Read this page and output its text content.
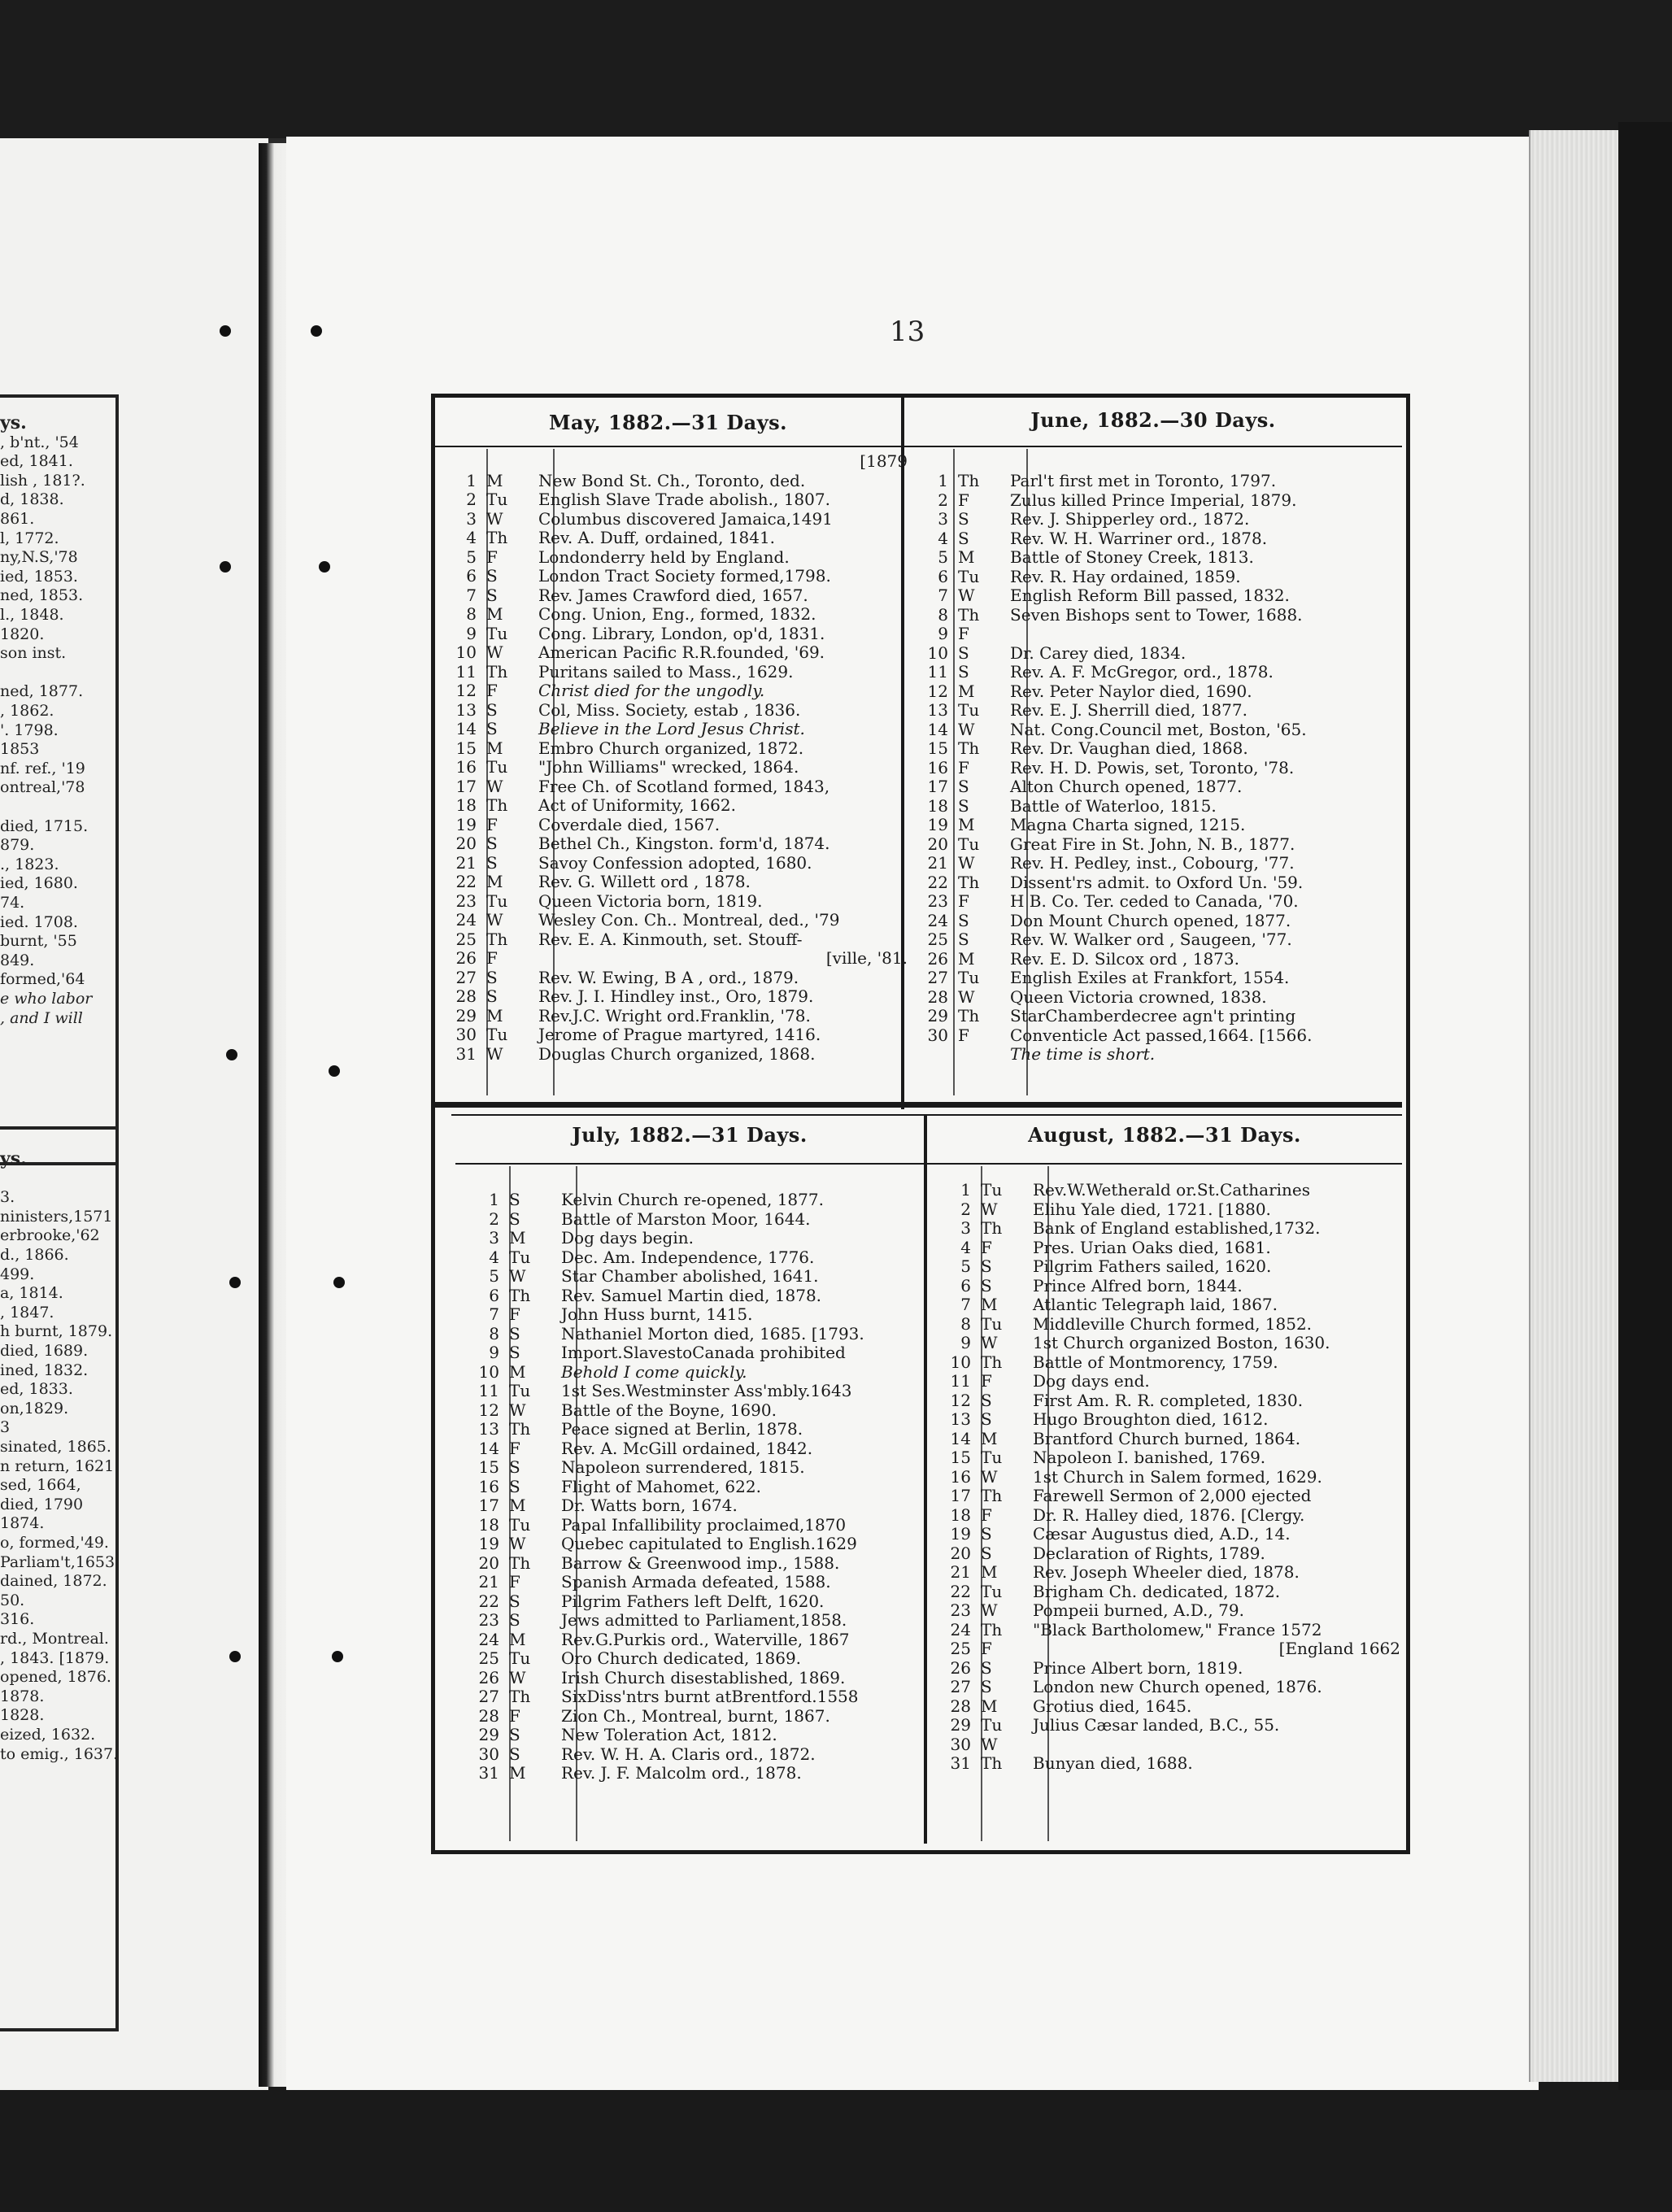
ys.
, b'nt., '54
ed, 1841.
lish , 181?.
d, 1838.
861.
l, 1772.
ny,N.S,'78
ied, 1853.
ned, 1853.
l., 1848.
1820.
son inst.
ned, 1877.
, 1862.
'. 1798.
1853
nf. ref., '19
ontreal,'78
died, 1715.
879.
., 1823.
ied, 1680.
74.
ied. 1708.
burnt, '55
849.
formed,'64
e who labor
, and I will
ys.
3.
ninisters,1571
erbrooke,'62
d., 1866.
499.
a, 1814.
, 1847.
h burnt, 1879.
died, 1689.
ined, 1832.
ed, 1833.
on,1829.
3
sinated, 1865.
n return, 1621
sed, 1664,
died, 1790
1874.
o, formed,'49.
Parliam't,1653
dained, 1872.
50.
316.
rd., Montreal.
, 1843. [1879.
opened, 1876.
1878.
1828.
eized, 1632.
to emig., 1637.
13
May, 1882.—31 Days.	June, 1882.—30 Days.
July, 1882.—31 Days.	August, 1882.—31 Days.
[1879
1 M	New Bond St. Ch., Toronto, ded.
2 Tu	English Slave Trade abolish., 1807.
3 W	Columbus discovered Jamaica,1491
4 Th	Rev. A. Duff, ordained, 1841.
5 F	Londonderry held by England.
6 S	London Tract Society formed,1798.
7 S	Rev. James Crawford died, 1657.
8 M	Cong. Union, Eng., formed, 1832.
9 Tu	Cong. Library, London, op'd, 1831.
10 W	American Pacific R.R.founded, '69.
11 Th	Puritans sailed to Mass., 1629.
12 F	Christ died for the ungodly.
13 S	Col, Miss. Society, estab , 1836.
14 S	Believe in the Lord Jesus Christ.
15 M	Embro Church organized, 1872.
16 Tu	"John Williams" wrecked, 1864.
17 W	Free Ch. of Scotland formed, 1843,
18 Th	Act of Uniformity, 1662.
19 F	Coverdale died, 1567.
20 S	Bethel Ch., Kingston. form'd, 1874.
21 S	Savoy Confession adopted, 1680.
22 M	Rev. G. Willett ord , 1878.
23 Tu	Queen Victoria born, 1819.
24 W	Wesley Con. Ch.. Montreal, ded., '79
25 Th	Rev. E. A. Kinmouth, set. Stouff-
26 F	[ville, '81.
27 S	Rev. W. Ewing, B A , ord., 1879.
28 S	Rev. J. I. Hindley inst., Oro, 1879.
29 M	Rev.J.C. Wright ord.Franklin, '78.
30 Tu	Jerome of Prague martyred, 1416.
31 W	Douglas Church organized, 1868.
1 Th	Parl't first met in Toronto, 1797.
2 F	Zulus killed Prince Imperial, 1879.
3 S	Rev. J. Shipperley ord., 1872.
4 S	Rev. W. H. Warriner ord., 1878.
5 M	Battle of Stoney Creek, 1813.
6 Tu	Rev. R. Hay ordained, 1859.
7 W	English Reform Bill passed, 1832.
8 Th	Seven Bishops sent to Tower, 1688.
9 F
10 S	Dr. Carey died, 1834.
11 S	Rev. A. F. McGregor, ord., 1878.
12 M	Rev. Peter Naylor died, 1690.
13 Tu	Rev. E. J. Sherrill died, 1877.
14 W	Nat. Cong.Council met, Boston, '65.
15 Th	Rev. Dr. Vaughan died, 1868.
16 F	Rev. H. D. Powis, set, Toronto, '78.
17 S	Alton Church opened, 1877.
18 S	Battle of Waterloo, 1815.
19 M	Magna Charta signed, 1215.
20 Tu	Great Fire in St. John, N. B., 1877.
21 W	Rev. H. Pedley, inst., Cobourg, '77.
22 Th	Dissent'rs admit. to Oxford Un. '59.
23 F	H B. Co. Ter. ceded to Canada, '70.
24 S	Don Mount Church opened, 1877.
25 S	Rev. W. Walker ord , Saugeen, '77.
26 M	Rev. E. D. Silcox ord , 1873.
27 Tu	English Exiles at Frankfort, 1554.
28 W	Queen Victoria crowned, 1838.
29 Th	StarChamberdecree agn't printing
30 F	Conventicle Act passed,1664. [1566.
The time is short.
1 S	Kelvin Church re-opened, 1877.
2 S	Battle of Marston Moor, 1644.
3 M	Dog days begin.
4 Tu	Dec. Am. Independence, 1776.
5 W	Star Chamber abolished, 1641.
6 Th	Rev. Samuel Martin died, 1878.
7 F	John Huss burnt, 1415.
8 S	Nathaniel Morton died, 1685. [1793.
9 S	Import.SlavestoCanada prohibited
10 M	Behold I come quickly.
11 Tu	1st Ses.Westminster Ass'mbly.1643
12 W	Battle of the Boyne, 1690.
13 Th	Peace signed at Berlin, 1878.
14 F	Rev. A. McGill ordained, 1842.
15 S	Napoleon surrendered, 1815.
16 S	Flight of Mahomet, 622.
17 M	Dr. Watts born, 1674.
18 Tu	Papal Infallibility proclaimed,1870
19 W	Quebec capitulated to English.1629
20 Th	Barrow & Greenwood imp., 1588.
21 F	Spanish Armada defeated, 1588.
22 S	Pilgrim Fathers left Delft, 1620.
23 S	Jews admitted to Parliament,1858.
24 M	Rev.G.Purkis ord., Waterville, 1867
25 Tu	Oro Church dedicated, 1869.
26 W	Irish Church disestablished, 1869.
27 Th	SixDiss'ntrs burnt atBrentford.1558
28 F	Zion Ch., Montreal, burnt, 1867.
29 S	New Toleration Act, 1812.
30 S	Rev. W. H. A. Claris ord., 1872.
31 M	Rev. J. F. Malcolm ord., 1878.
1 Tu	Rev.W.Wetherald or.St.Catharines
2 W	Elihu Yale died, 1721. [1880.
3 Th	Bank of England established,1732.
4 F	Pres. Urian Oaks died, 1681.
5 S	Pilgrim Fathers sailed, 1620.
6 S	Prince Alfred born, 1844.
7 M	Atlantic Telegraph laid, 1867.
8 Tu	Middleville Church formed, 1852.
9 W	1st Church organized Boston, 1630.
10 Th	Battle of Montmorency, 1759.
11 F	Dog days end.
12 S	First Am. R. R. completed, 1830.
13 S	Hugo Broughton died, 1612.
14 M	Brantford Church burned, 1864.
15 Tu	Napoleon I. banished, 1769.
16 W	1st Church in Salem formed, 1629.
17 Th	Farewell Sermon of 2,000 ejected
18 F	Dr. R. Halley died, 1876. [Clergy.
19 S	Cæsar Augustus died, A.D., 14.
20 S	Declaration of Rights, 1789.
21 M	Rev. Joseph Wheeler died, 1878.
22 Tu	Brigham Ch. dedicated, 1872.
23 W	Pompeii burned, A.D., 79.
24 Th	"Black Bartholomew," France 1572
25 F	[England 1662
26 S	Prince Albert born, 1819.
27 S	London new Church opened, 1876.
28 M	Grotius died, 1645.
29 Tu	Julius Cæsar landed, B.C., 55.
30 W
31 Th	Bunyan died, 1688.
